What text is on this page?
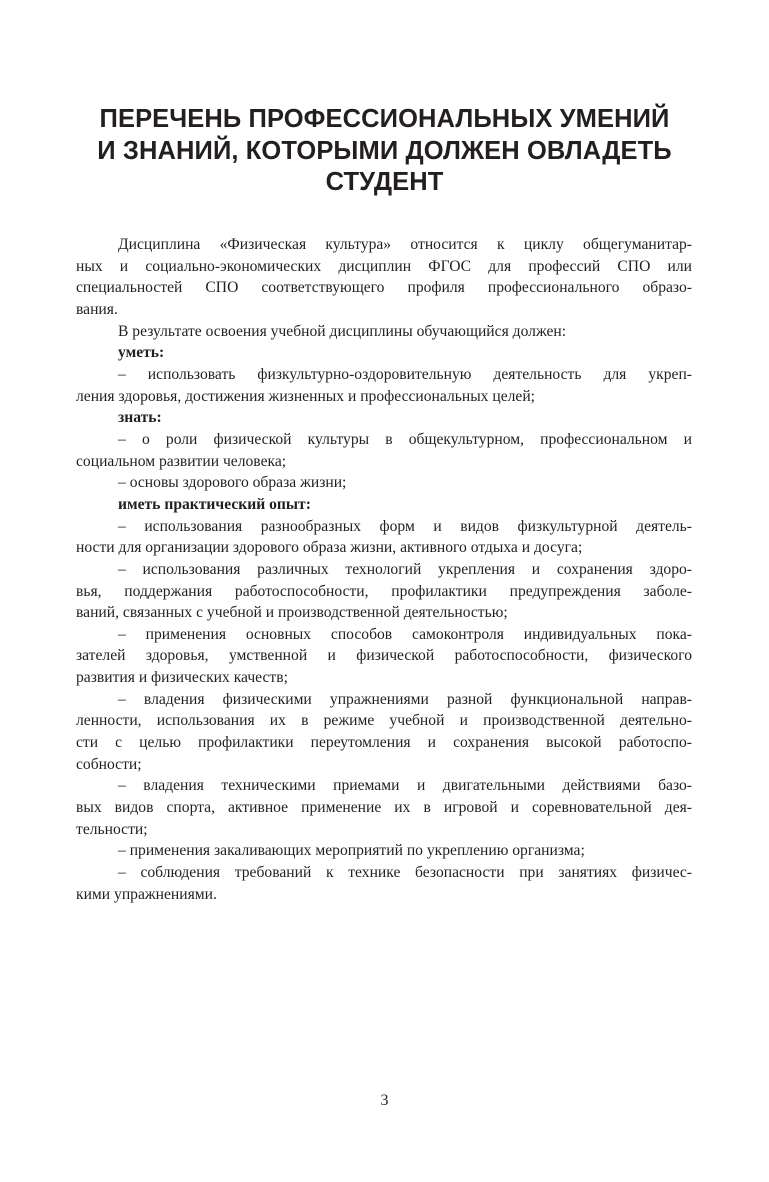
ПЕРЕЧЕНЬ ПРОФЕССИОНАЛЬНЫХ УМЕНИЙ
И ЗНАНИЙ, КОТОРЫМИ ДОЛЖЕН ОВЛАДЕТЬ
СТУДЕНТ
Дисциплина «Физическая культура» относится к циклу общегуманитар-
ных и социально-экономических дисциплин ФГОС для профессий СПО или
специальностей СПО соответствующего профиля профессионального образо-
вания.
В результате освоения учебной дисциплины обучающийся должен:
уметь:
– использовать физкультурно-оздоровительную деятельность для укреп-
ления здоровья, достижения жизненных и профессиональных целей;
знать:
– о роли физической культуры в общекультурном, профессиональном и
социальном развитии человека;
– основы здорового образа жизни;
иметь практический опыт:
– использования разнообразных форм и видов физкультурной деятель-
ности для организации здорового образа жизни, активного отдыха и досуга;
– использования различных технологий укрепления и сохранения здоро-
вья, поддержания работоспособности, профилактики предупреждения заболе-
ваний, связанных с учебной и производственной деятельностью;
– применения основных способов самоконтроля индивидуальных пока-
зателей здоровья, умственной и физической работоспособности, физического
развития и физических качеств;
– владения физическими упражнениями разной функциональной направ-
ленности, использования их в режиме учебной и производственной деятельно-
сти с целью профилактики переутомления и сохранения высокой работоспо-
собности;
– владения техническими приемами и двигательными действиями базо-
вых видов спорта, активное применение их в игровой и соревновательной дея-
тельности;
– применения закаливающих мероприятий по укреплению организма;
– соблюдения требований к технике безопасности при занятиях физичес-
кими упражнениями.
3
